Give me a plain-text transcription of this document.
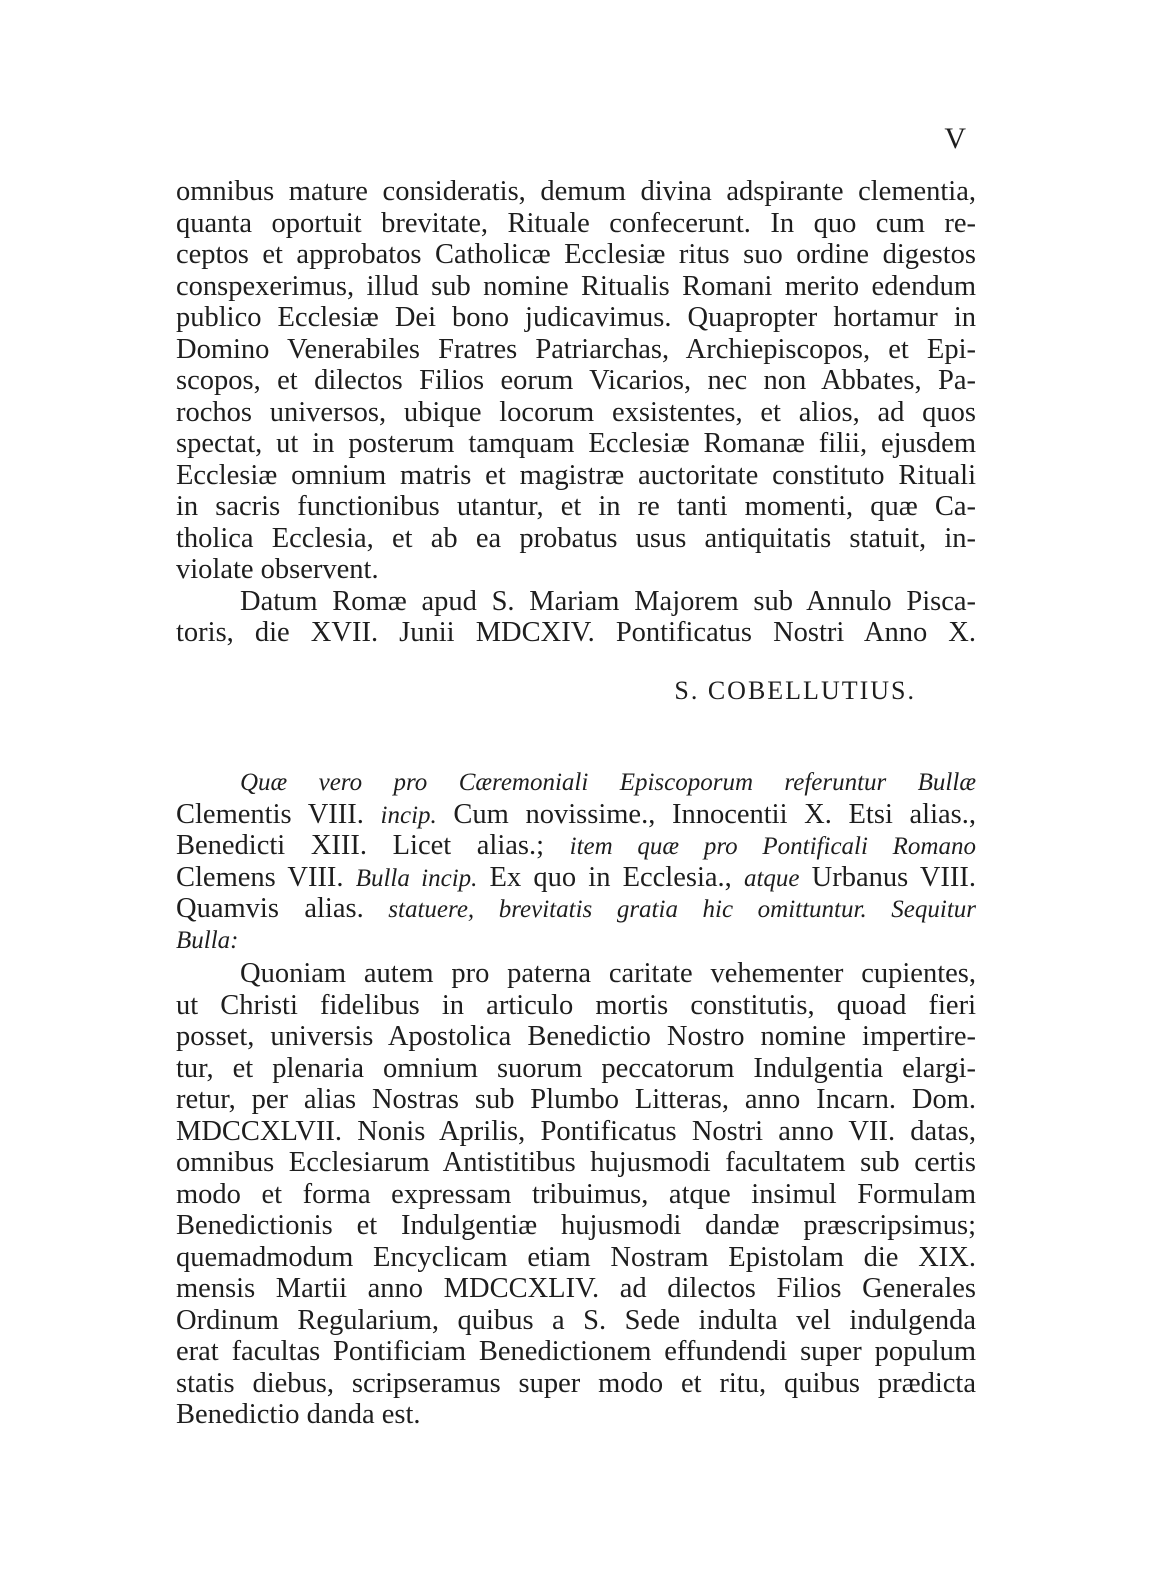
V
omnibus mature consideratis, demum divina adspirante clementia,
quanta oportuit brevitate, Rituale confecerunt. In quo cum re-
ceptos et approbatos Catholicæ Ecclesiæ ritus suo ordine digestos
conspexerimus, illud sub nomine Ritualis Romani merito edendum
publico Ecclesiæ Dei bono judicavimus. Quapropter hortamur in
Domino Venerabiles Fratres Patriarchas, Archiepiscopos, et Epi-
scopos, et dilectos Filios eorum Vicarios, nec non Abbates, Pa-
rochos universos, ubique locorum exsistentes, et alios, ad quos
spectat, ut in posterum tamquam Ecclesiæ Romanæ filii, ejusdem
Ecclesiæ omnium matris et magistræ auctoritate constituto Rituali
in sacris functionibus utantur, et in re tanti momenti, quæ Ca-
tholica Ecclesia, et ab ea probatus usus antiquitatis statuit, in-
violate observent.
Datum Romæ apud S. Mariam Majorem sub Annulo Pisca-
toris, die XVII. Junii MDCXIV. Pontificatus Nostri Anno X.
S. COBELLUTIUS.
Quæ vero pro Cæremoniali Episcoporum referuntur Bullæ
Clementis VIII. incip. Cum novissime., Innocentii X. Etsi alias.,
Benedicti XIII. Licet alias.; item quæ pro Pontificali Romano
Clemens VIII. Bulla incip. Ex quo in Ecclesia., atque Urbanus VIII.
Quamvis alias. statuere, brevitatis gratia hic omittuntur. Sequitur
Bulla:
Quoniam autem pro paterna caritate vehementer cupientes,
ut Christi fidelibus in articulo mortis constitutis, quoad fieri
posset, universis Apostolica Benedictio Nostro nomine impertire-
tur, et plenaria omnium suorum peccatorum Indulgentia elargi-
retur, per alias Nostras sub Plumbo Litteras, anno Incarn. Dom.
MDCCXLVII. Nonis Aprilis, Pontificatus Nostri anno VII. datas,
omnibus Ecclesiarum Antistitibus hujusmodi facultatem sub certis
modo et forma expressam tribuimus, atque insimul Formulam
Benedictionis et Indulgentiæ hujusmodi dandæ præscripsimus;
quemadmodum Encyclicam etiam Nostram Epistolam die XIX.
mensis Martii anno MDCCXLIV. ad dilectos Filios Generales
Ordinum Regularium, quibus a S. Sede indulta vel indulgenda
erat facultas Pontificiam Benedictionem effundendi super populum
statis diebus, scripseramus super modo et ritu, quibus prædicta
Benedictio danda est.
